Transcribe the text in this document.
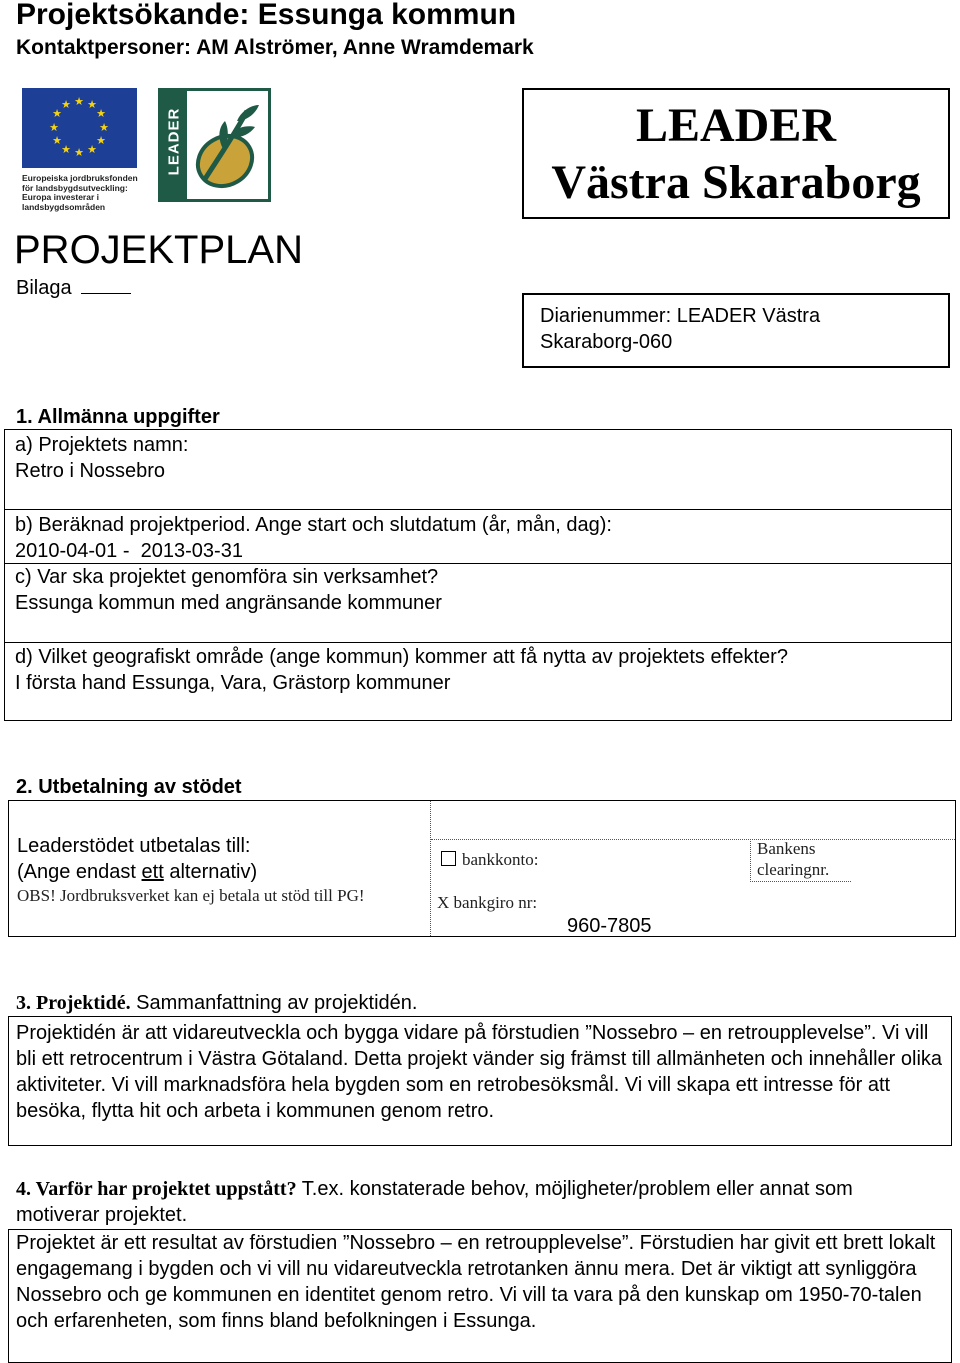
Projektsökande: Essunga kommun
Kontaktpersoner: AM Alströmer, Anne Wramdemark
★ ★
★
★
★
★
★
★
★
★
★
★
Europeiska jordbruksfonden för landsbygdsutveckling: Europa investerar i landsbygdsområden
LEADER	LEADER
Västra Skaraborg
PROJEKTPLAN
Bilaga
Diarienummer: LEADER Västra
Skaraborg-060
1. Allmänna uppgifter
a) Projektets namn:
Retro i Nossebro
b) Beräknad projektperiod. Ange start och slutdatum (år, mån, dag):
2010-04-01 -  2013-03-31
c) Var ska projektet genomföra sin verksamhet?
Essunga kommun med angränsande kommuner
d) Vilket geografiskt område (ange kommun) kommer att få nytta av projektets effekter?
I första hand Essunga, Vara, Grästorp kommuner
2. Utbetalning av stödet
Leaderstödet utbetalas till:
(Ange endast ett alternativ)
OBS! Jordbruksverket kan ej betala ut stöd till PG!
bankkonto:
X bankgiro nr:
960-7805
Bankens
clearingnr.
3. Projektidé. Sammanfattning av projektidén.
Projektidén är att vidareutveckla och bygga vidare på förstudien ”Nossebro – en retroupplevelse”. Vi vill bli ett retrocentrum i Västra Götaland. Detta projekt vänder sig främst till allmänheten och innehåller olika aktiviteter. Vi vill marknadsföra hela bygden som en retrobesöksmål. Vi vill skapa ett intresse för att besöka, flytta hit och arbeta i kommunen genom retro.
4. Varför har projektet uppstått? T.ex. konstaterade behov, möjligheter/problem eller annat som motiverar projektet.
Projektet är ett resultat av förstudien ”Nossebro – en retroupplevelse”. Förstudien har givit ett brett lokalt engagemang i bygden och vi vill nu vidareutveckla retrotanken ännu mera. Det är viktigt att synliggöra Nossebro och ge kommunen en identitet genom retro. Vi vill ta vara på den kunskap om 1950-70-talen och erfarenheten, som finns bland befolkningen i Essunga.
